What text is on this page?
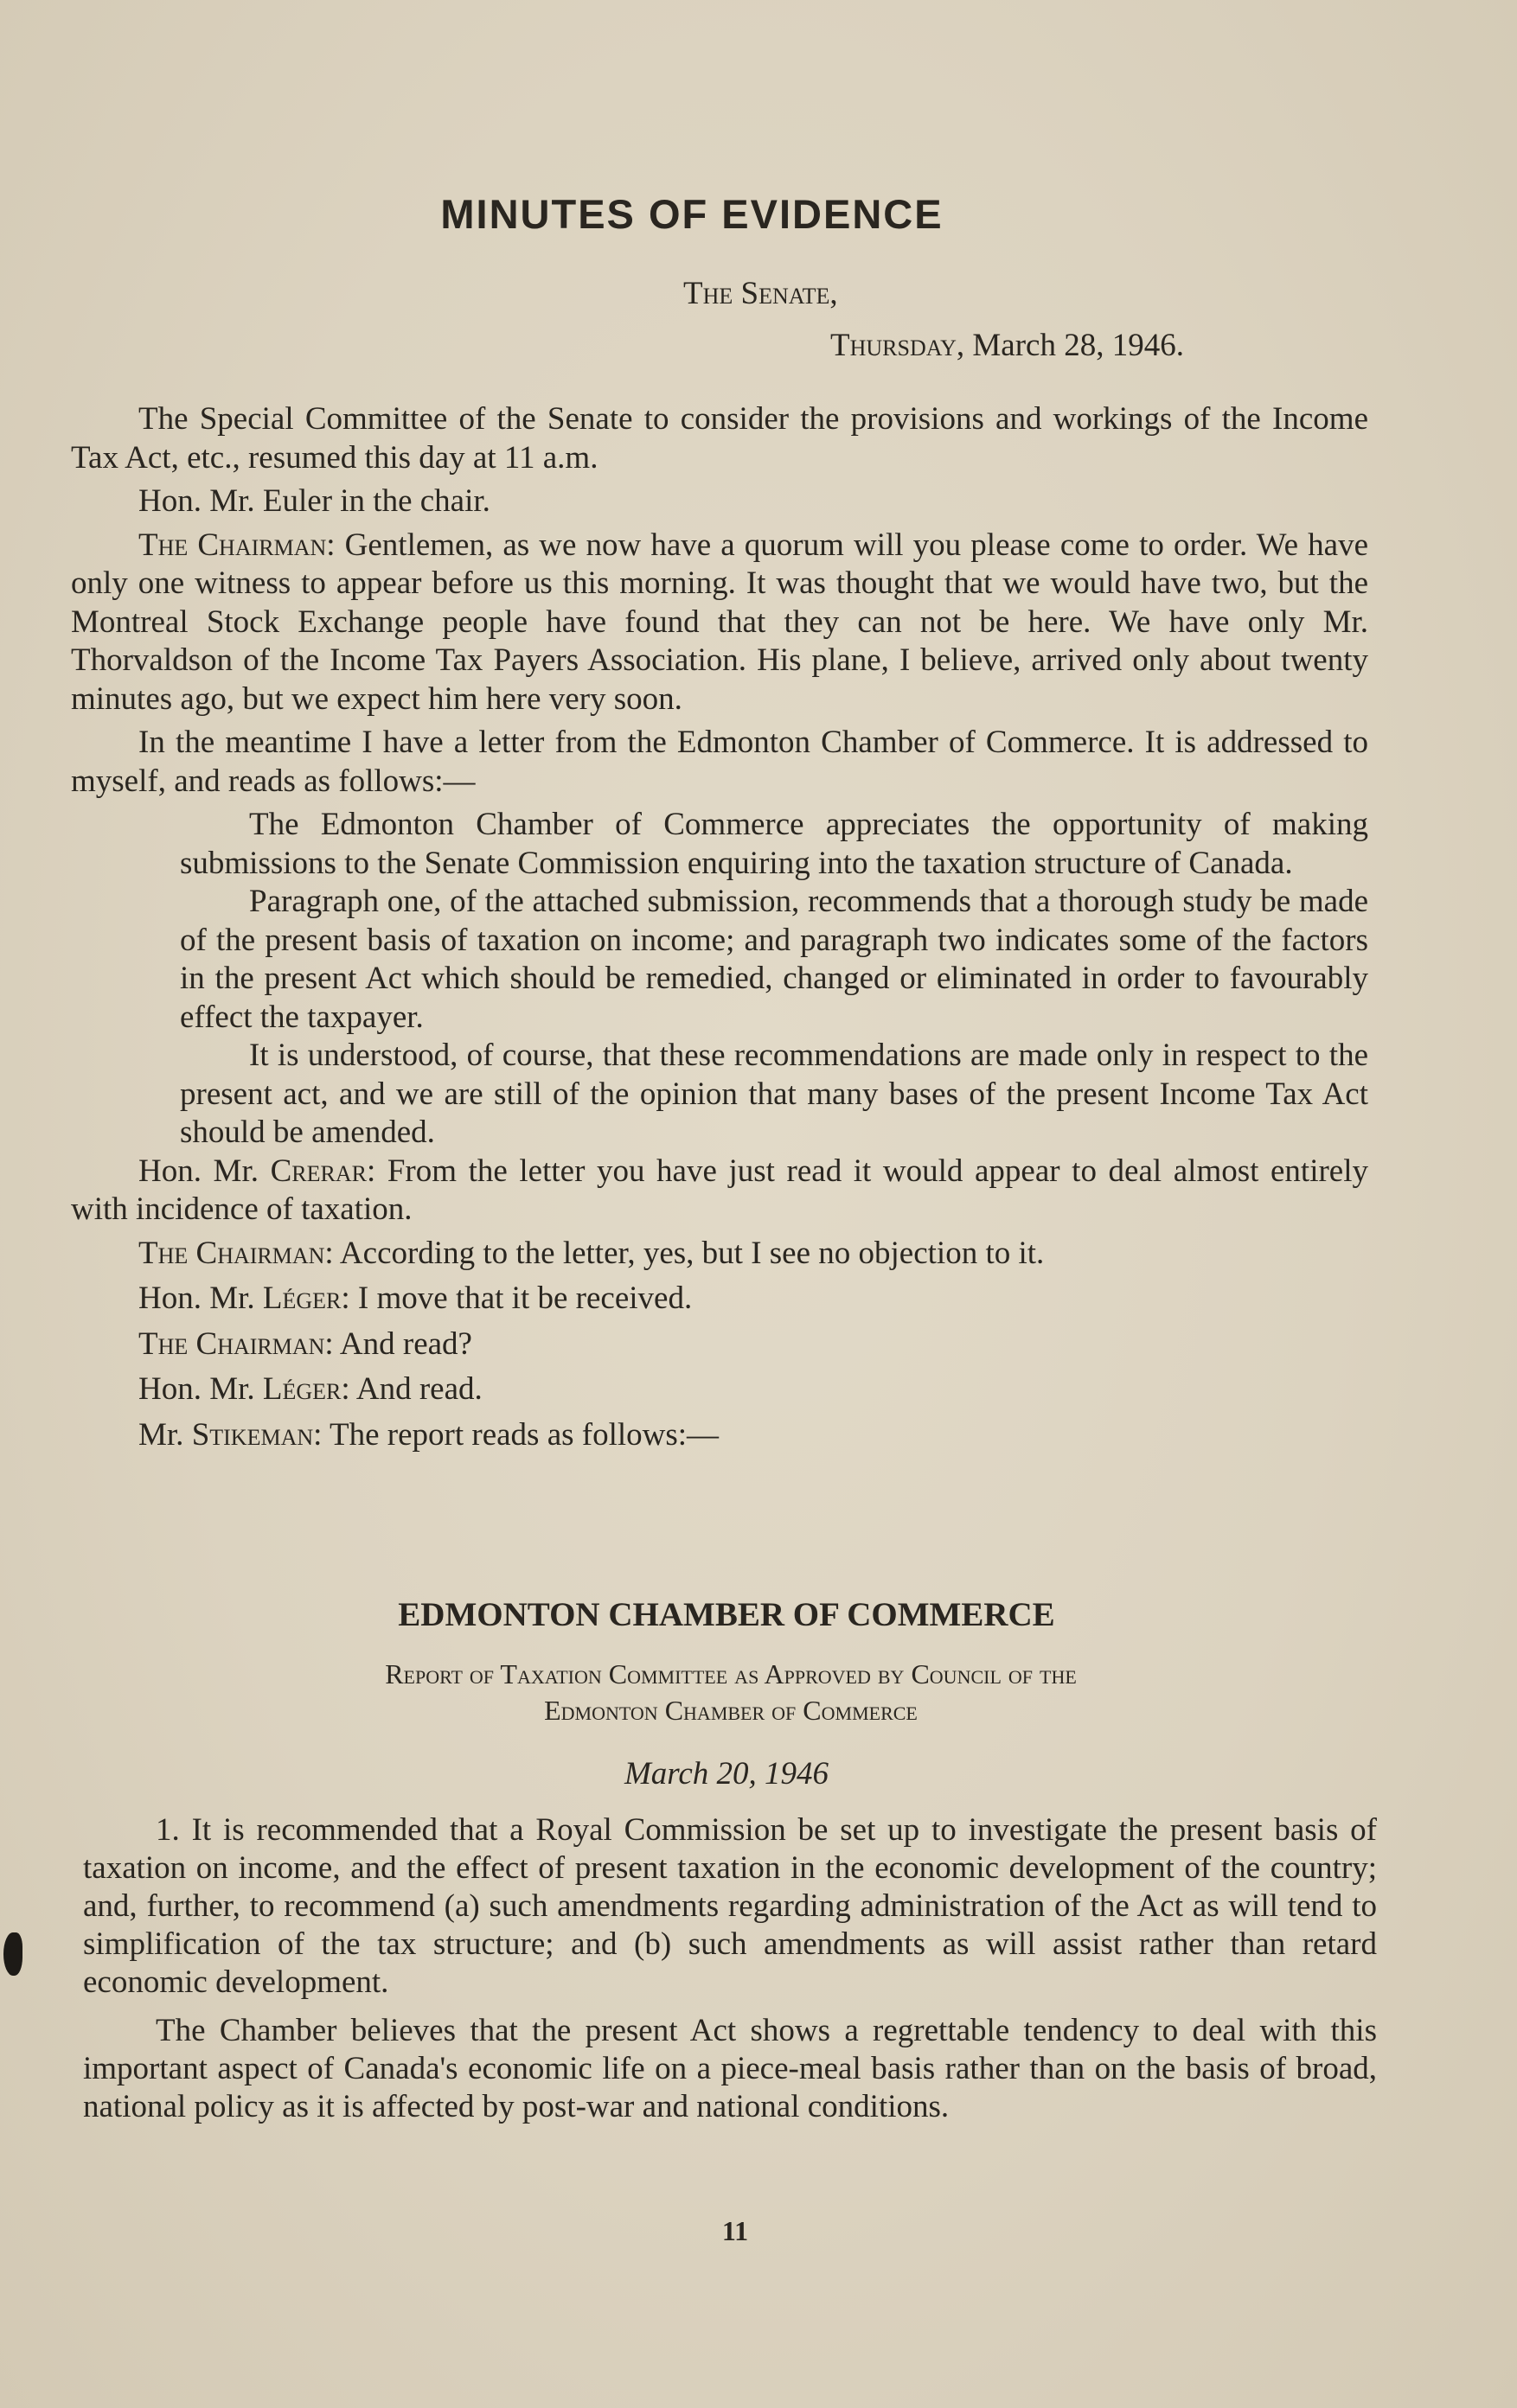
MINUTES OF EVIDENCE
The Senate,
Thursday, March 28, 1946.

The Special Committee of the Senate to consider the provisions and workings of the Income Tax Act, etc., resumed this day at 11 a.m.

Hon. Mr. Euler in the chair.

The Chairman: Gentlemen, as we now have a quorum will you please come to order. We have only one witness to appear before us this morning. It was thought that we would have two, but the Montreal Stock Exchange people have found that they can not be here. We have only Mr. Thorvaldson of the Income Tax Payers Association. His plane, I believe, arrived only about twenty minutes ago, but we expect him here very soon.

In the meantime I have a letter from the Edmonton Chamber of Commerce. It is addressed to myself, and reads as follows:—

The Edmonton Chamber of Commerce appreciates the opportunity of making submissions to the Senate Commission enquiring into the taxation structure of Canada.

Paragraph one, of the attached submission, recommends that a thorough study be made of the present basis of taxation on income; and paragraph two indicates some of the factors in the present Act which should be remedied, changed or eliminated in order to favourably effect the taxpayer.

It is understood, of course, that these recommendations are made only in respect to the present act, and we are still of the opinion that many bases of the present Income Tax Act should be amended.

Hon. Mr. Crerar: From the letter you have just read it would appear to deal almost entirely with incidence of taxation.

The Chairman: According to the letter, yes, but I see no objection to it.

Hon. Mr. Léger: I move that it be received.

The Chairman: And read?

Hon. Mr. Léger: And read.

Mr. Stikeman: The report reads as follows:—

EDMONTON CHAMBER OF COMMERCE
Report of Taxation Committee as Approved by Council of the
Edmonton Chamber of Commerce
March 20, 1946

1. It is recommended that a Royal Commission be set up to investigate the present basis of taxation on income, and the effect of present taxation in the economic development of the country; and, further, to recommend (a) such amendments regarding administration of the Act as will tend to simplification of the tax structure; and (b) such amendments as will assist rather than retard economic development.

The Chamber believes that the present Act shows a regrettable tendency to deal with this important aspect of Canada's economic life on a piece-meal basis rather than on the basis of broad, national policy as it is affected by post-war and national conditions.

11
